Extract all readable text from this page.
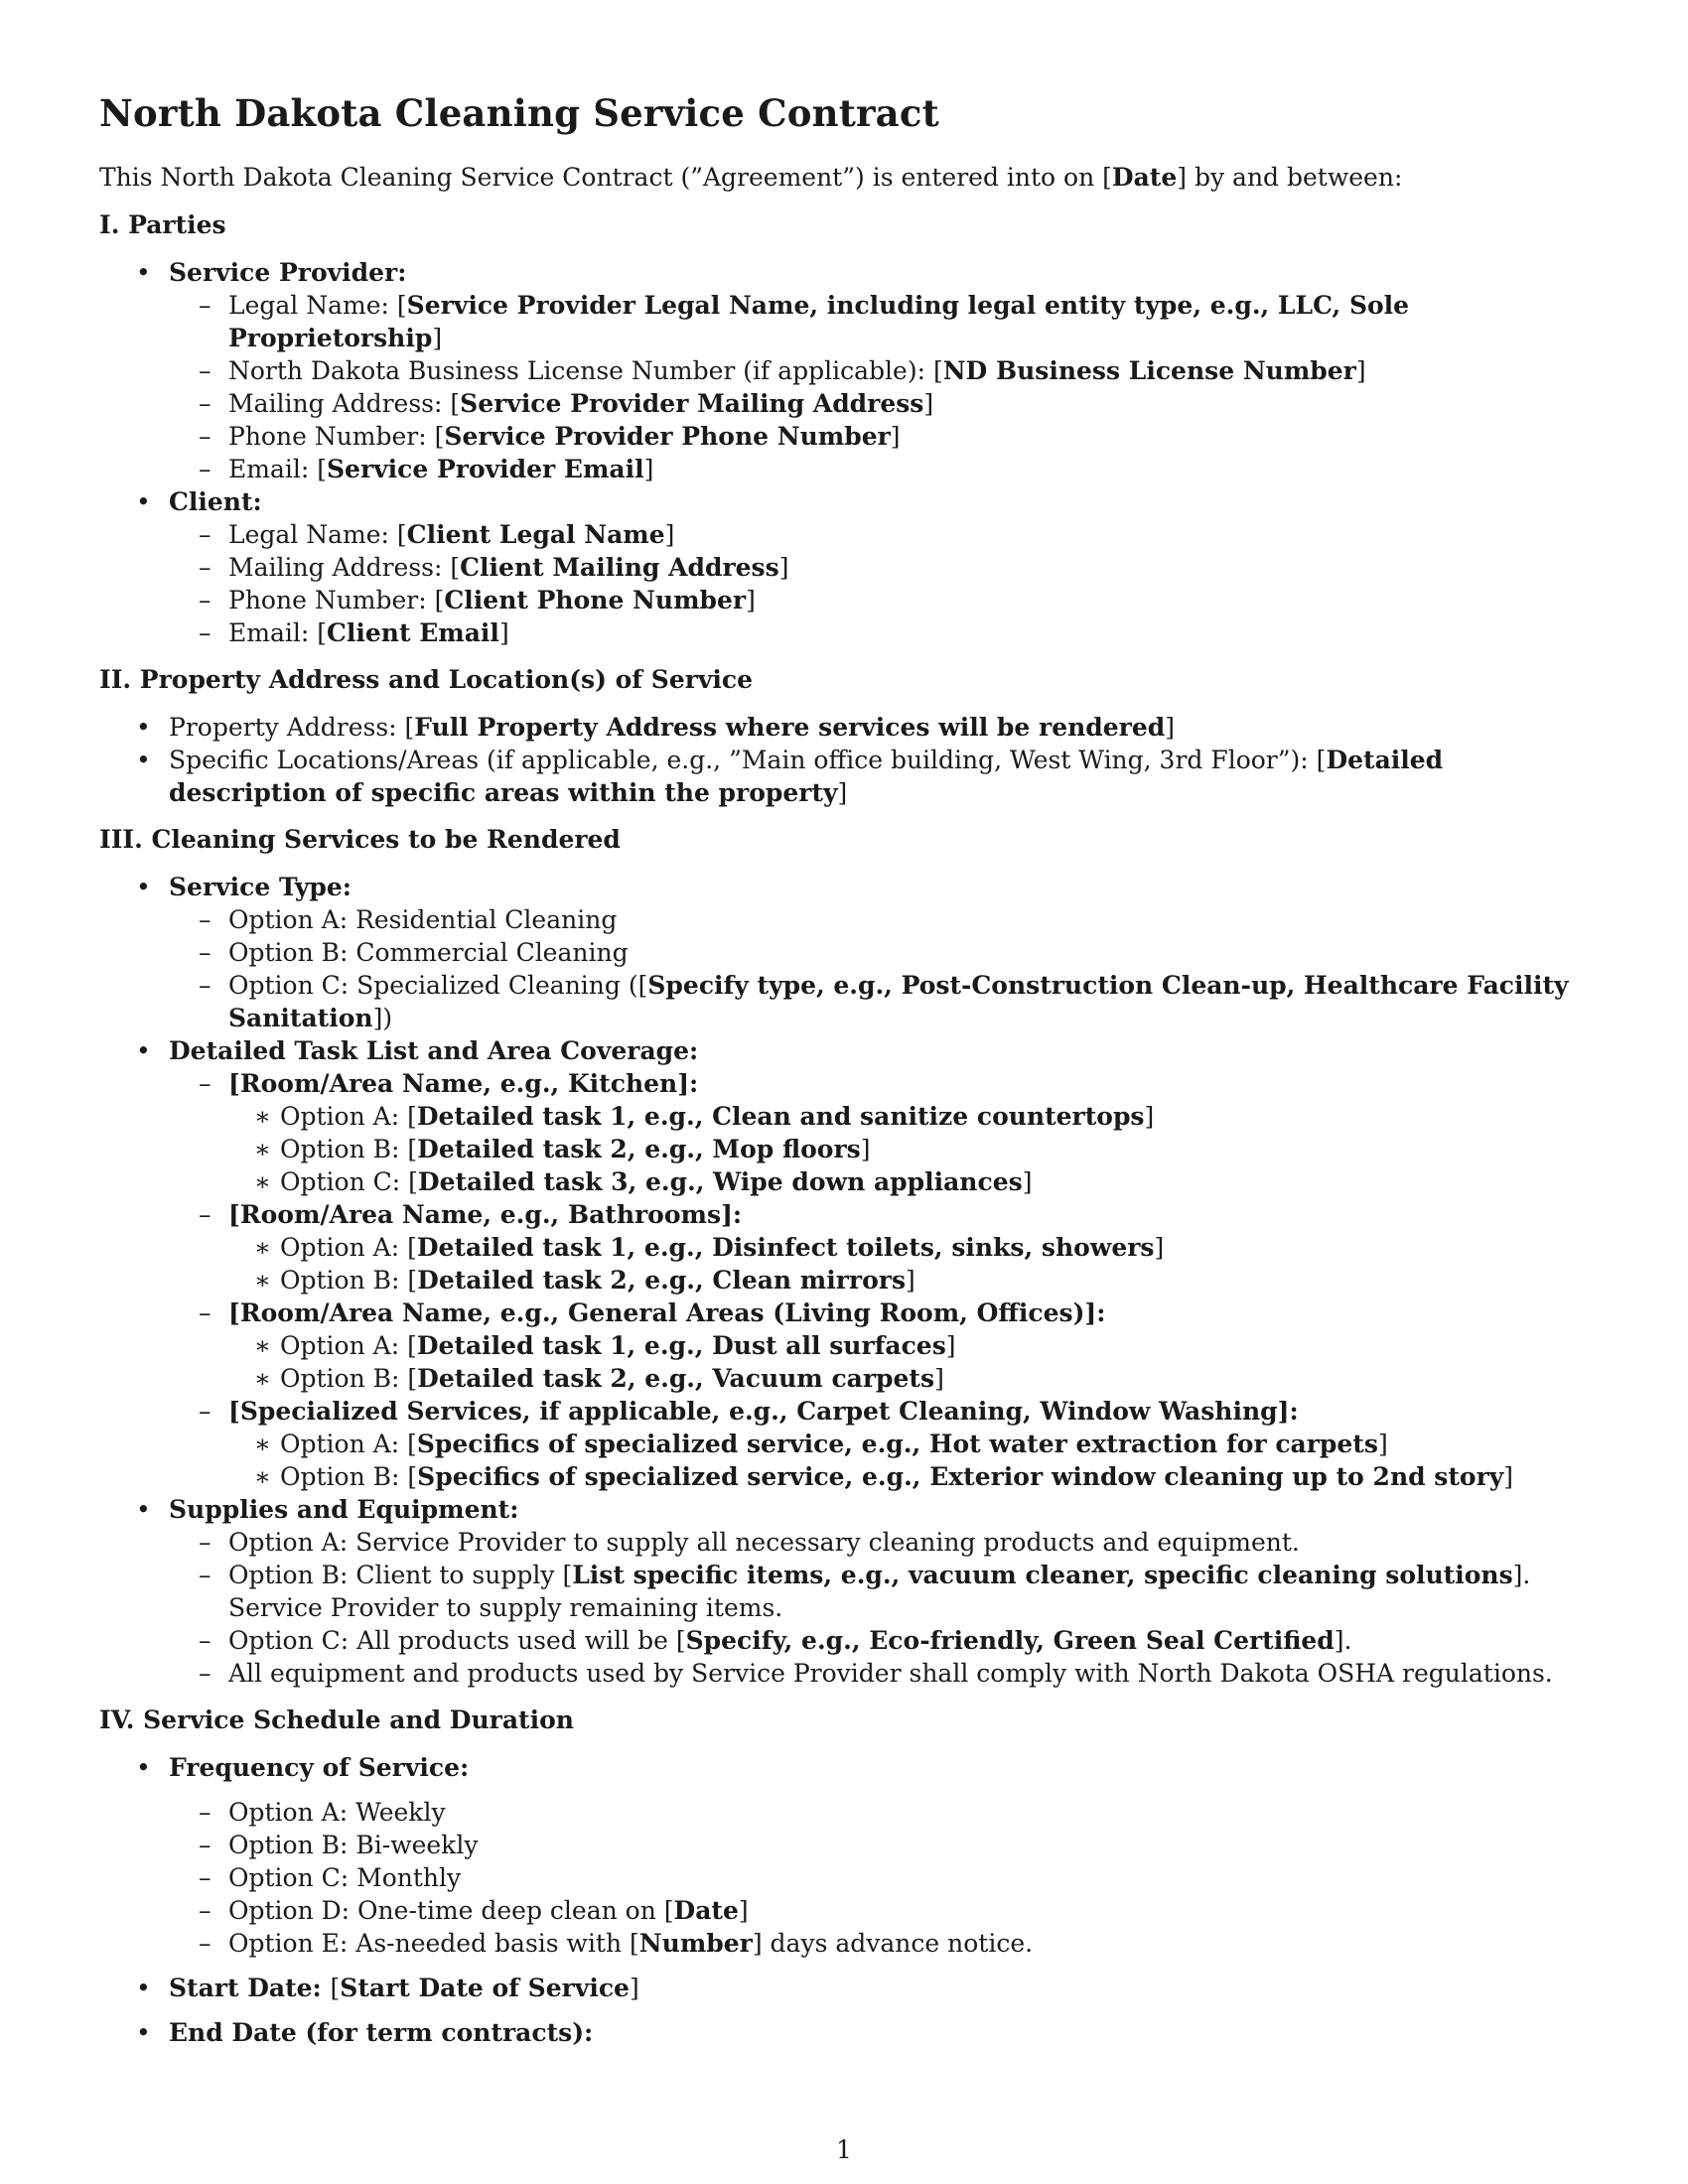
North Dakota Cleaning Service Contract

This North Dakota Cleaning Service Contract (”Agreement”) is entered into on [Date] by and between:

I. Parties
• Service Provider:
– Legal Name: [Service Provider Legal Name, including legal entity type, e.g., LLC, Sole Proprietorship]
– North Dakota Business License Number (if applicable): [ND Business License Number]
– Mailing Address: [Service Provider Mailing Address]
– Phone Number: [Service Provider Phone Number]
– Email: [Service Provider Email]
• Client:
– Legal Name: [Client Legal Name]
– Mailing Address: [Client Mailing Address]
– Phone Number: [Client Phone Number]
– Email: [Client Email]
II. Property Address and Location(s) of Service
• Property Address: [Full Property Address where services will be rendered]
• Specific Locations/Areas (if applicable, e.g., ”Main office building, West Wing, 3rd Floor”): [Detailed description of specific areas within the property]
III. Cleaning Services to be Rendered
• Service Type:
– Option A: Residential Cleaning
– Option B: Commercial Cleaning
– Option C: Specialized Cleaning ([Specify type, e.g., Post-Construction Clean-up, Healthcare Facility Sanitation])
• Detailed Task List and Area Coverage:
– [Room/Area Name, e.g., Kitchen]:
∗ Option A: [Detailed task 1, e.g., Clean and sanitize countertops]
∗ Option B: [Detailed task 2, e.g., Mop floors]
∗ Option C: [Detailed task 3, e.g., Wipe down appliances]
– [Room/Area Name, e.g., Bathrooms]:
∗ Option A: [Detailed task 1, e.g., Disinfect toilets, sinks, showers]
∗ Option B: [Detailed task 2, e.g., Clean mirrors]
– [Room/Area Name, e.g., General Areas (Living Room, Offices)]:
∗ Option A: [Detailed task 1, e.g., Dust all surfaces]
∗ Option B: [Detailed task 2, e.g., Vacuum carpets]
– [Specialized Services, if applicable, e.g., Carpet Cleaning, Window Washing]:
∗ Option A: [Specifics of specialized service, e.g., Hot water extraction for carpets]
∗ Option B: [Specifics of specialized service, e.g., Exterior window cleaning up to 2nd story]
• Supplies and Equipment:
– Option A: Service Provider to supply all necessary cleaning products and equipment.
– Option B: Client to supply [List specific items, e.g., vacuum cleaner, specific cleaning solutions]. Service Provider to supply remaining items.
– Option C: All products used will be [Specify, e.g., Eco-friendly, Green Seal Certified].
– All equipment and products used by Service Provider shall comply with North Dakota OSHA regulations.
IV. Service Schedule and Duration
• Frequency of Service:
– Option A: Weekly
– Option B: Bi-weekly
– Option C: Monthly
– Option D: One-time deep clean on [Date]
– Option E: As-needed basis with [Number] days advance notice.
• Start Date: [Start Date of Service]
• End Date (for term contracts):
1
